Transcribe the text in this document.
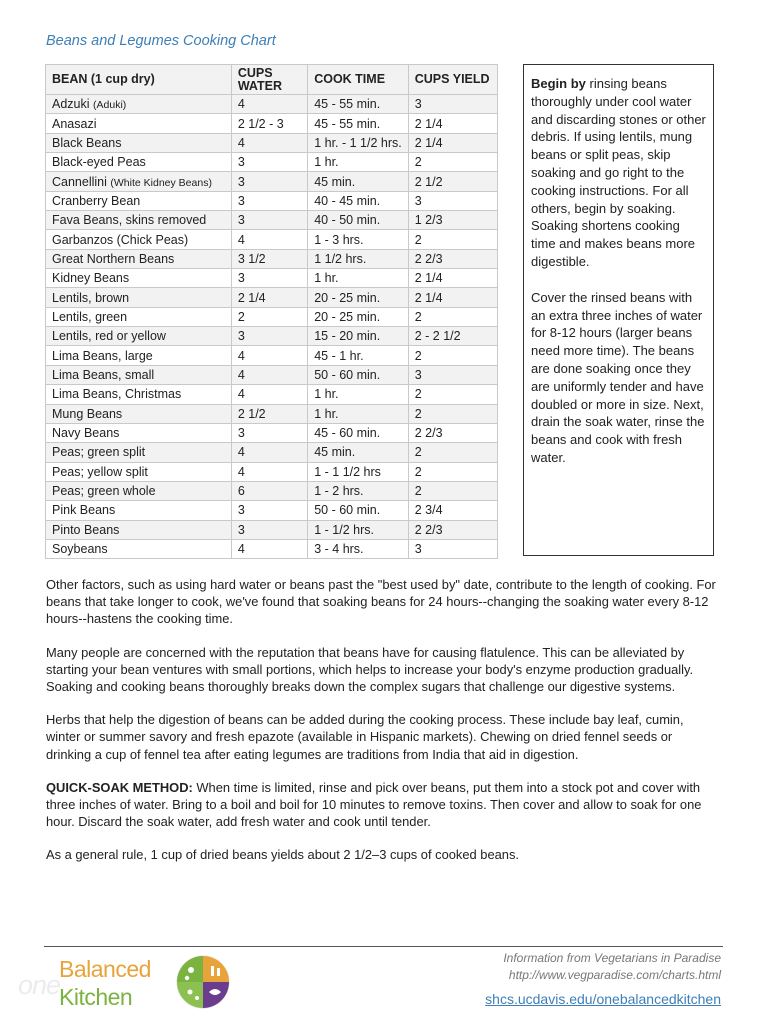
Beans and Legumes Cooking Chart
BEAN (1 cup dry)	CUPS WATER	COOK TIME	CUPS YIELD
Adzuki (Aduki)	4	45 - 55 min.	3
Anasazi	2 1/2 - 3	45 - 55 min.	2 1/4
Black Beans	4	1 hr. - 1 1/2 hrs.	2 1/4
Black-eyed Peas	3	1 hr.	2
Cannellini (White Kidney Beans)	3	45 min.	2 1/2
Cranberry Bean	3	40 - 45 min.	3
Fava Beans, skins removed	3	40 - 50 min.	1 2/3
Garbanzos (Chick Peas)	4	1 - 3 hrs.	2
Great Northern Beans	3 1/2	1 1/2 hrs.	2 2/3
Kidney Beans	3	1 hr.	2 1/4
Lentils, brown	2 1/4	20 - 25 min.	2 1/4
Lentils, green	2	20 - 25 min.	2
Lentils, red or yellow	3	15 - 20 min.	2 - 2 1/2
Lima Beans, large	4	45 - 1 hr.	2
Lima Beans, small	4	50 - 60 min.	3
Lima Beans, Christmas	4	1 hr.	2
Mung Beans	2 1/2	1 hr.	2
Navy Beans	3	45 - 60 min.	2 2/3
Peas; green split	4	45 min.	2
Peas; yellow split	4	1 - 1 1/2 hrs	2
Peas; green whole	6	1 - 2 hrs.	2
Pink Beans	3	50 - 60 min.	2 3/4
Pinto Beans	3	1 - 1/2 hrs.	2 2/3
Soybeans	4	3 - 4 hrs.	3

Begin by rinsing beans thoroughly under cool water and discarding stones or other debris. If using lentils, mung beans or split peas, skip soaking and go right to the cooking instructions. For all others, begin by soaking. Soaking shortens cooking time and makes beans more digestible.

Cover the rinsed beans with an extra three inches of water for 8-12 hours (larger beans need more time). The beans are done soaking once they are uniformly tender and have doubled or more in size. Next, drain the soak water, rinse the beans and cook with fresh water.

Other factors, such as using hard water or beans past the "best used by" date, contribute to the length of cooking. For beans that take longer to cook, we've found that soaking beans for 24 hours--changing the soaking water every 8-12 hours--hastens the cooking time.

Many people are concerned with the reputation that beans have for causing flatulence. This can be alleviated by starting your bean ventures with small portions, which helps to increase your body's enzyme production gradually. Soaking and cooking beans thoroughly breaks down the complex sugars that challenge our digestive systems.

Herbs that help the digestion of beans can be added during the cooking process. These include bay leaf, cumin, winter or summer savory and fresh epazote (available in Hispanic markets). Chewing on dried fennel seeds or drinking a cup of fennel tea after eating legumes are traditions from India that aid in digestion.

QUICK-SOAK METHOD: When time is limited, rinse and pick over beans, put them into a stock pot and cover with three inches of water. Bring to a boil and boil for 10 minutes to remove toxins. Then cover and allow to soak for one hour. Discard the soak water, add fresh water and cook until tender.

As a general rule, 1 cup of dried beans yields about 2 1/2–3 cups of cooked beans.

one
Balanced
Kitchen
Information from Vegetarians in Paradise
http://www.vegparadise.com/charts.html
shcs.ucdavis.edu/onebalancedkitchen
